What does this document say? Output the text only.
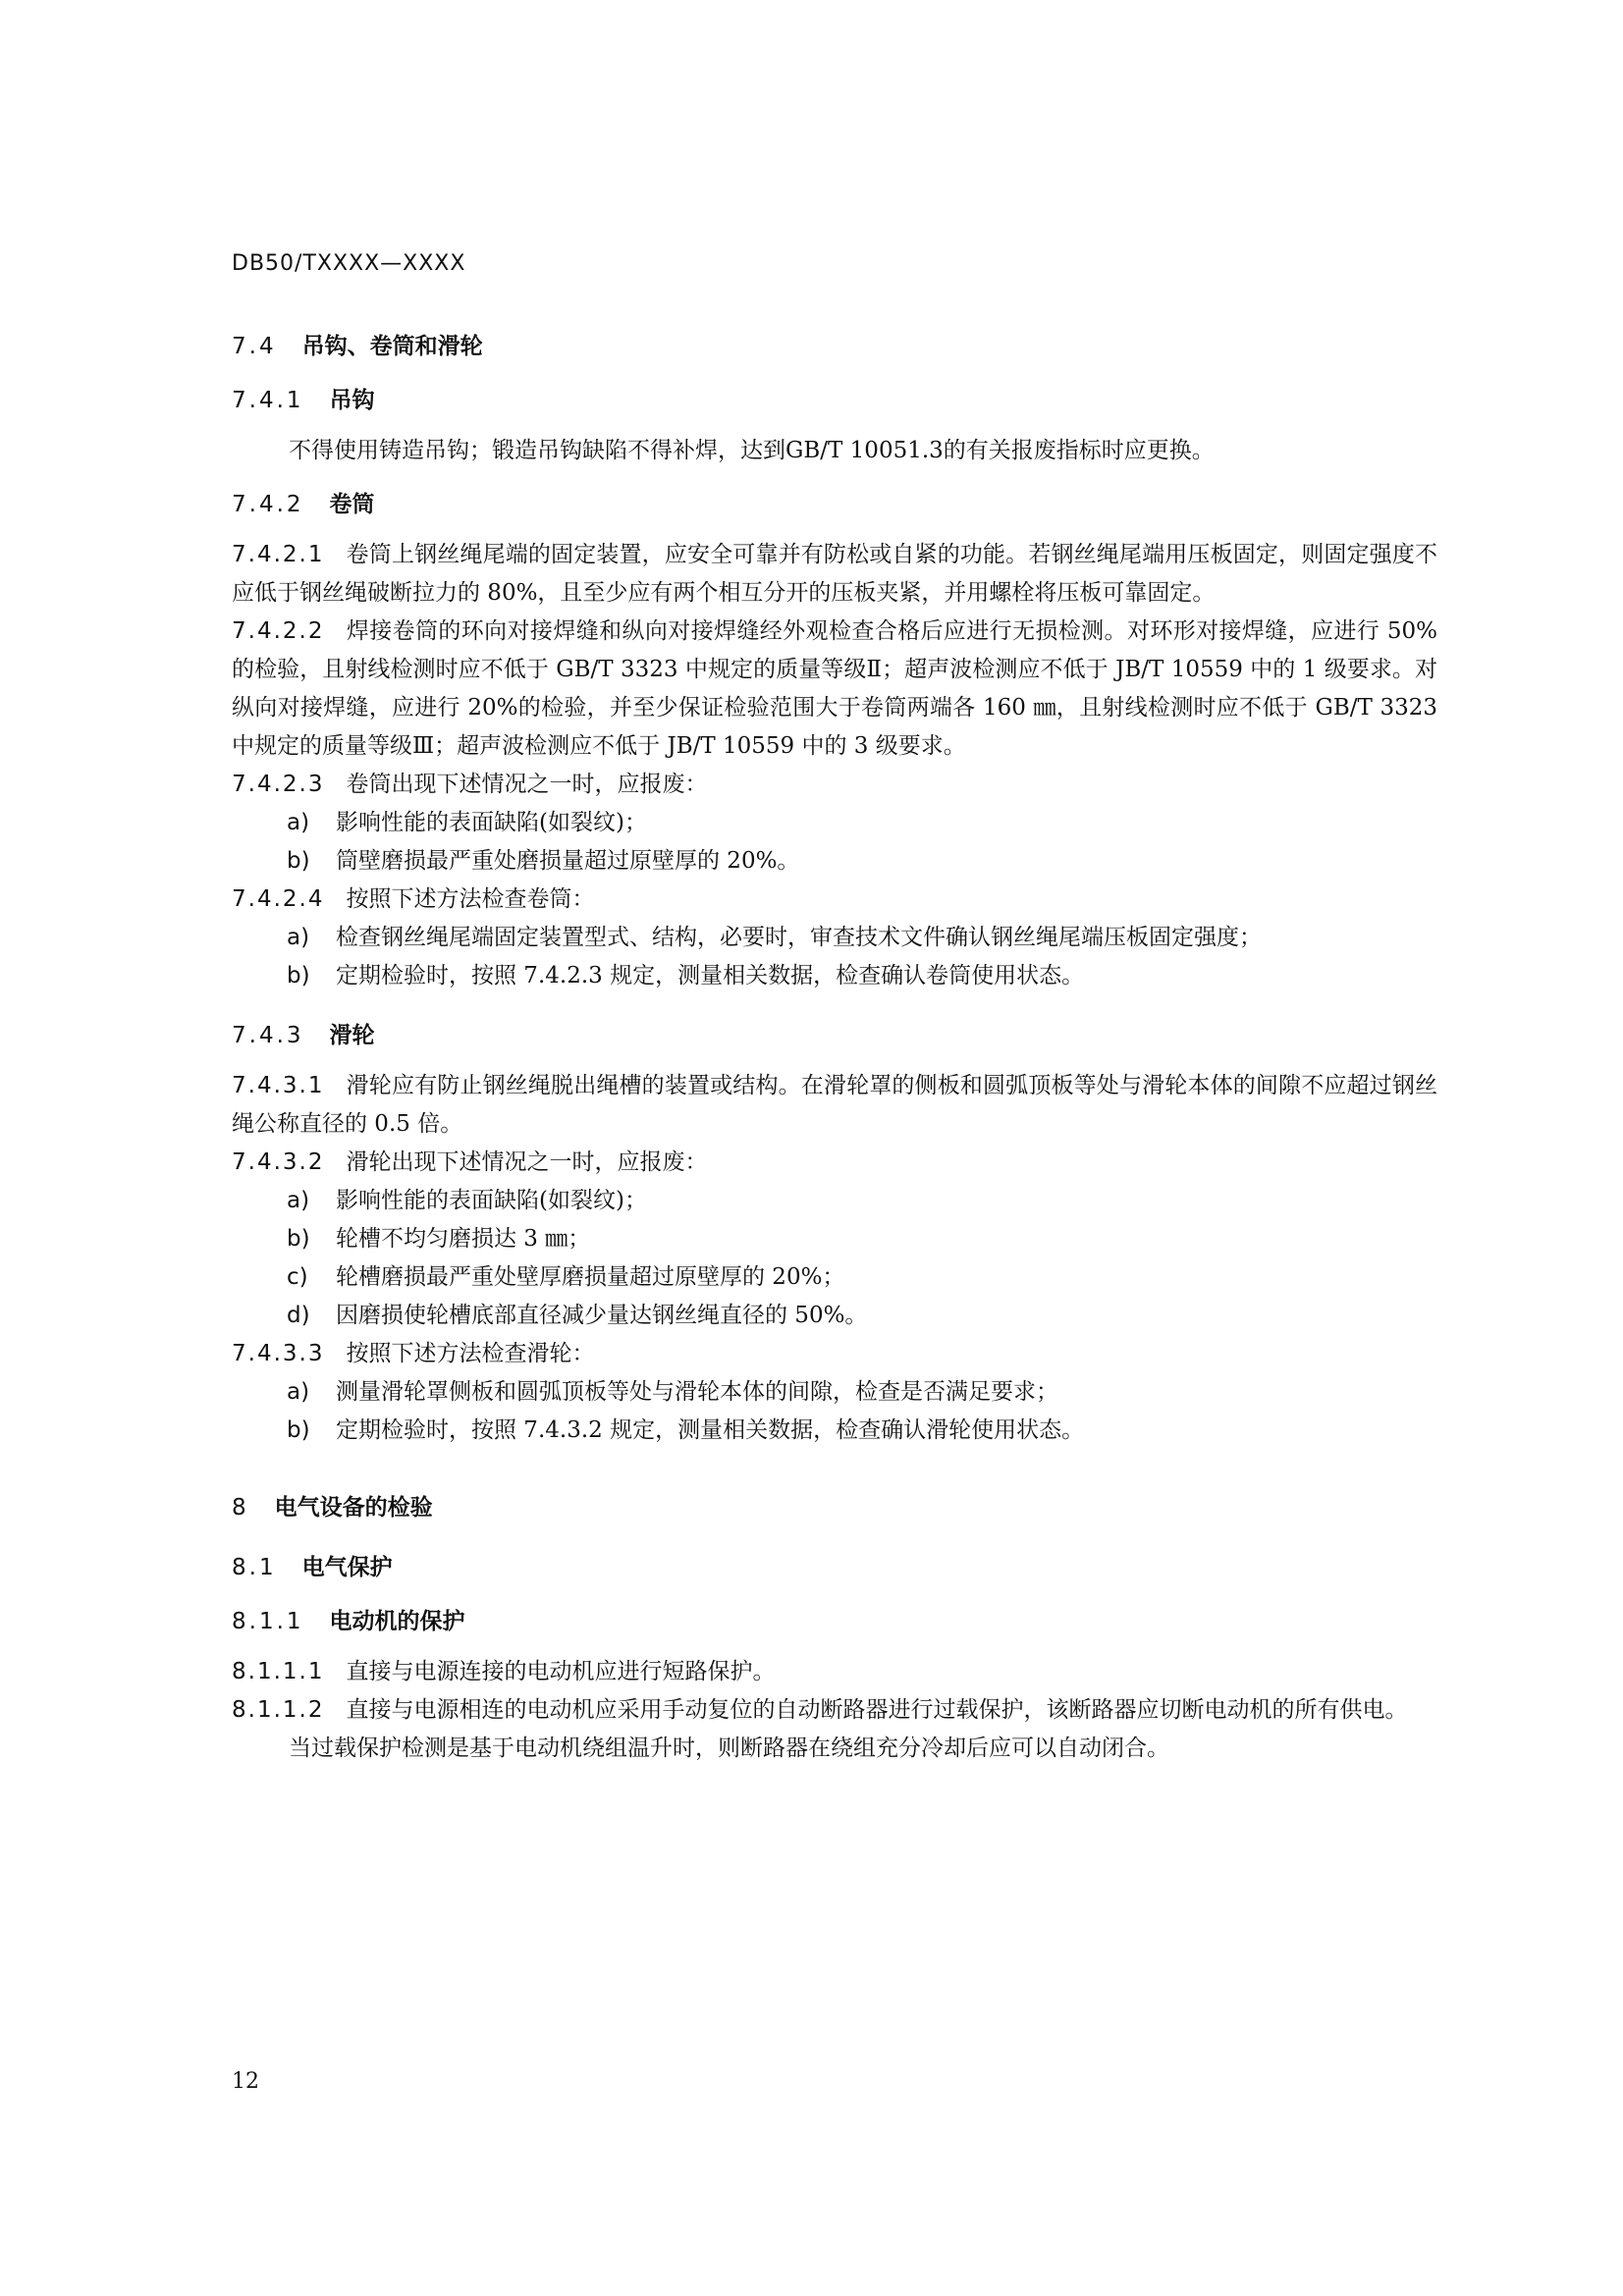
DB50/TXXXX—XXXX
7.4 吊钩、卷筒和滑轮
7.4.1 吊钩

不得使用铸造吊钩；锻造吊钩缺陷不得补焊，达到GB/T 10051.3的有关报废指标时应更换。

7.4.2 卷筒

7.4.2.1 卷筒上钢丝绳尾端的固定装置，应安全可靠并有防松或自紧的功能。若钢丝绳尾端用压板固定，则固定强度不应低于钢丝绳破断拉力的 80%，且至少应有两个相互分开的压板夹紧，并用螺栓将压板可靠固定。

7.4.2.2 焊接卷筒的环向对接焊缝和纵向对接焊缝经外观检查合格后应进行无损检测。对环形对接焊缝，应进行 50%的检验，且射线检测时应不低于 GB/T 3323 中规定的质量等级Ⅱ；超声波检测应不低于 JB/T 10559 中的 1 级要求。对纵向对接焊缝，应进行 20%的检验，并至少保证检验范围大于卷筒两端各 160 ㎜，且射线检测时应不低于 GB/T 3323 中规定的质量等级Ⅲ；超声波检测应不低于 JB/T 10559 中的 3 级要求。

7.4.2.3 卷筒出现下述情况之一时，应报废：

a)	影响性能的表面缺陷(如裂纹)；
b)	筒壁磨损最严重处磨损量超过原壁厚的 20%。

7.4.2.4 按照下述方法检查卷筒：

a)	检查钢丝绳尾端固定装置型式、结构，必要时，审查技术文件确认钢丝绳尾端压板固定强度；
b)	定期检验时，按照 7.4.2.3 规定，测量相关数据，检查确认卷筒使用状态。
7.4.3 滑轮

7.4.3.1 滑轮应有防止钢丝绳脱出绳槽的装置或结构。在滑轮罩的侧板和圆弧顶板等处与滑轮本体的间隙不应超过钢丝绳公称直径的 0.5 倍。

7.4.3.2 滑轮出现下述情况之一时，应报废：

a)	影响性能的表面缺陷(如裂纹)；
b)	轮槽不均匀磨损达 3 ㎜；
c)	轮槽磨损最严重处壁厚磨损量超过原壁厚的 20%；
d)	因磨损使轮槽底部直径减少量达钢丝绳直径的 50%。

7.4.3.3 按照下述方法检查滑轮：

a)	测量滑轮罩侧板和圆弧顶板等处与滑轮本体的间隙，检查是否满足要求；
b)	定期检验时，按照 7.4.3.2 规定，测量相关数据，检查确认滑轮使用状态。
8 电气设备的检验
8.1 电气保护
8.1.1 电动机的保护

8.1.1.1 直接与电源连接的电动机应进行短路保护。

8.1.1.2 直接与电源相连的电动机应采用手动复位的自动断路器进行过载保护，该断路器应切断电动机的所有供电。

当过载保护检测是基于电动机绕组温升时，则断路器在绕组充分冷却后应可以自动闭合。

12
